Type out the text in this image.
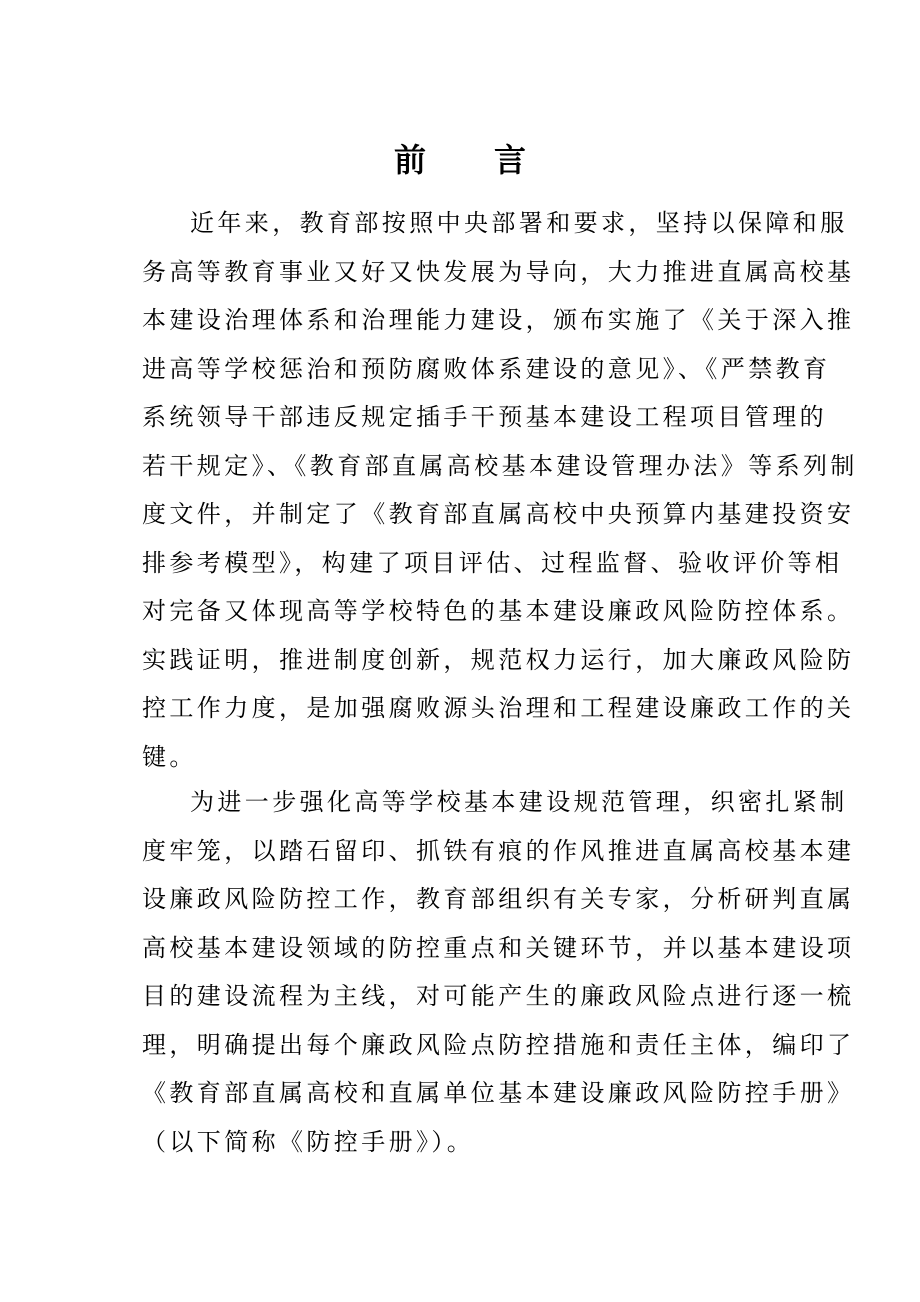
前言
近年来，教育部按照中央部署和要求，坚持以保障和服
务高等教育事业又好又快发展为导向，大力推进直属高校基
本建设治理体系和治理能力建设，颁布实施了《关于深入推
进高等学校惩治和预防腐败体系建设的意见》、《严禁教育
系统领导干部违反规定插手干预基本建设工程项目管理的
若干规定》、《教育部直属高校基本建设管理办法》等系列制
度文件，并制定了《教育部直属高校中央预算内基建投资安
排参考模型》，构建了项目评估、过程监督、验收评价等相
对完备又体现高等学校特色的基本建设廉政风险防控体系。
实践证明，推进制度创新，规范权力运行，加大廉政风险防
控工作力度，是加强腐败源头治理和工程建设廉政工作的关
键。
为进一步强化高等学校基本建设规范管理，织密扎紧制
度牢笼，以踏石留印、抓铁有痕的作风推进直属高校基本建
设廉政风险防控工作，教育部组织有关专家，分析研判直属
高校基本建设领域的防控重点和关键环节，并以基本建设项
目的建设流程为主线，对可能产生的廉政风险点进行逐一梳
理，明确提出每个廉政风险点防控措施和责任主体，编印了
《教育部直属高校和直属单位基本建设廉政风险防控手册》
（以下简称《防控手册》）。
